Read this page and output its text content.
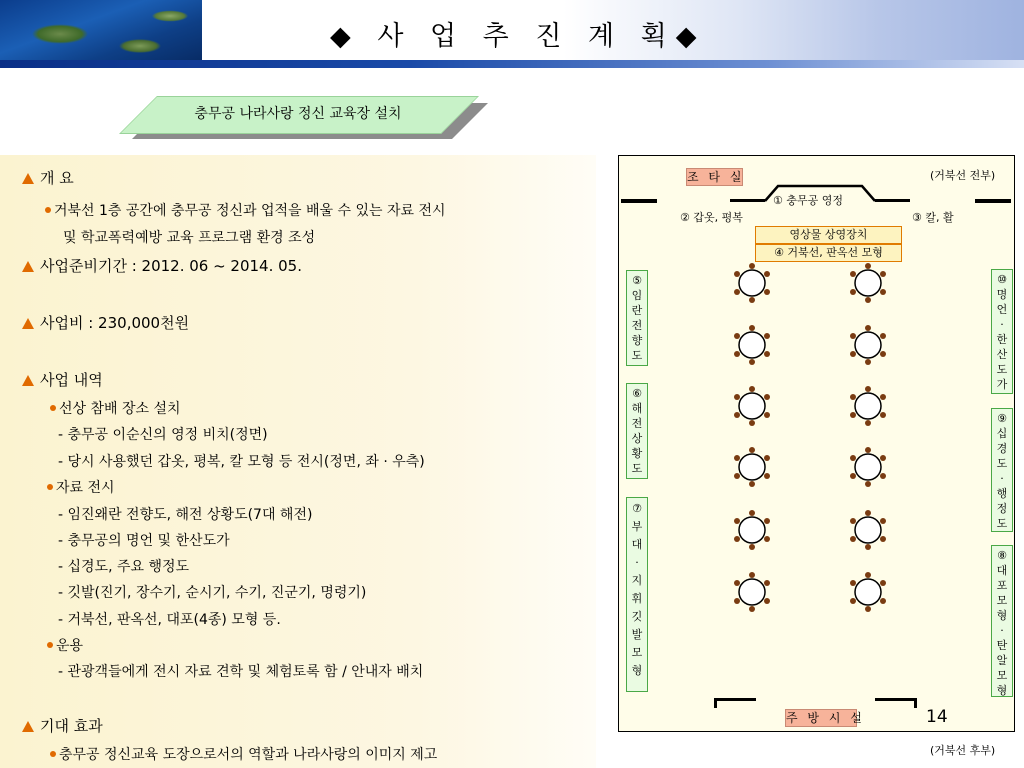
◆ 사 업 추 진 계 획◆
충무공 나라사랑 정신 교육장 설치
개 요
거북선 1층 공간에 충무공 정신과 업적을 배울 수 있는 자료 전시
및 학교폭력예방 교육 프로그램 환경 조성
사업준비기간 : 2012. 06 ~ 2014. 05.
사업비 : 230,000천원
사업 내역
선상 참배 장소 설치
- 충무공 이순신의 영정 비치(정면)
- 당시 사용했던 갑옷, 평복, 칼 모형 등 전시(정면, 좌 · 우측)
자료 전시
- 임진왜란 전향도, 해전 상황도(7대 해전)
- 충무공의 명언 및 한산도가
- 십경도, 주요 행정도
- 깃발(진기, 장수기, 순시기, 수기, 진군기, 명령기)
- 거북선, 판옥선, 대포(4종) 모형 등.
운용
- 관광객들에게 전시 자료 견학 및 체험토록 함 / 안내자 배치
기대 효과
충무공 정신교육 도장으로서의 역할과 나라사랑의 이미지 제고
(거북선 전부)
(거북선 후부)
조 타 실
① 충무공 영정
② 갑옷, 평복	③ 칼, 활
영상물 상영장치
④ 거북선, 판옥선 모형
⑤
임
란
전
향
도
⑥
해
전
상
황
도
⑦
부
대
·
지
휘
깃
발
모
형
⑩
명
언
·
한
산
도
가
⑨
십
경
도
·
행
정
도
⑧
대
포
모
형
·
탄
알
모
형
주 방 시 설	14
